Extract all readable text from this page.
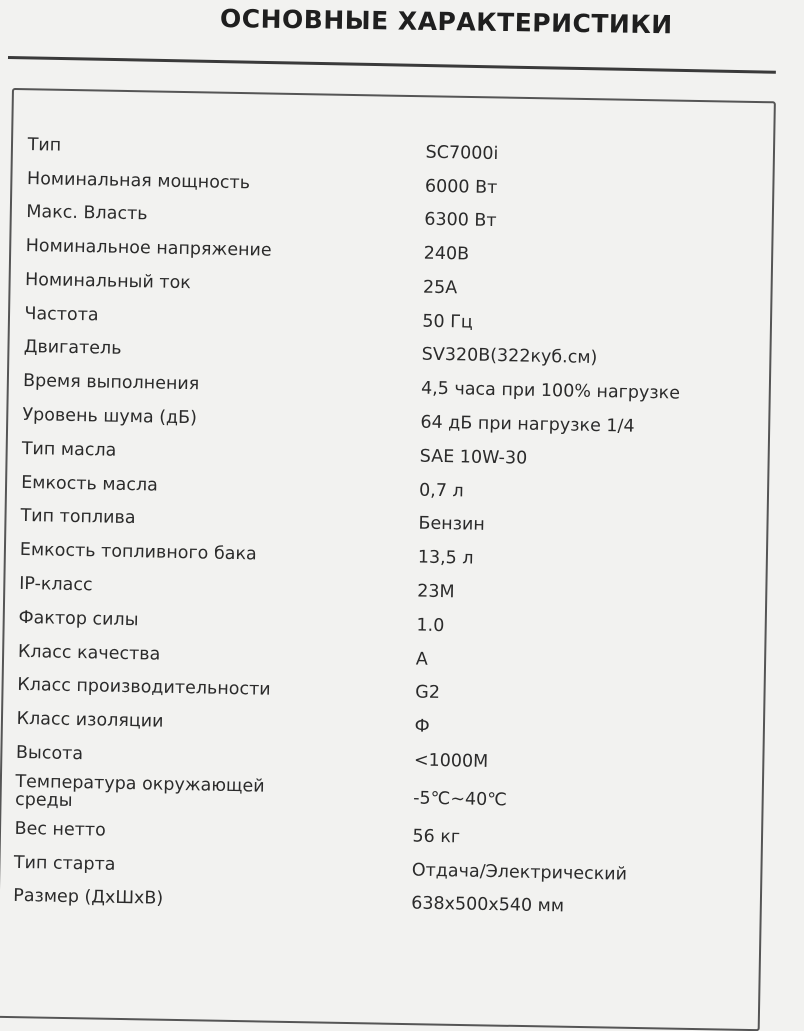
ОСНОВНЫЕ ХАРАКТЕРИСТИКИ
Тип	SC7000i
Номинальная мощность	6000 Вт
Макс. Власть	6300 Вт
Номинальное напряжение	240В
Номинальный ток	25А
Частота	50 Гц
Двигатель	SV320B(322куб.см)
Время выполнения	4,5 часа при 100% нагрузке
Уровень шума (дБ)	64 дБ при нагрузке 1/4
Тип масла	SAE 10W-30
Емкость масла	0,7 л
Тип топлива	Бензин
Емкость топливного бака	13,5 л
IP-класс	23M
Фактор силы	1.0
Класс качества	A
Класс производительности	G2
Класс изоляции	Ф
Высота	<1000М
Температура окружающей
среды	-5℃~40℃
Вес нетто	56 кг
Тип старта	Отдача/Электрический
Размер (ДхШхВ)	638x500x540 мм
